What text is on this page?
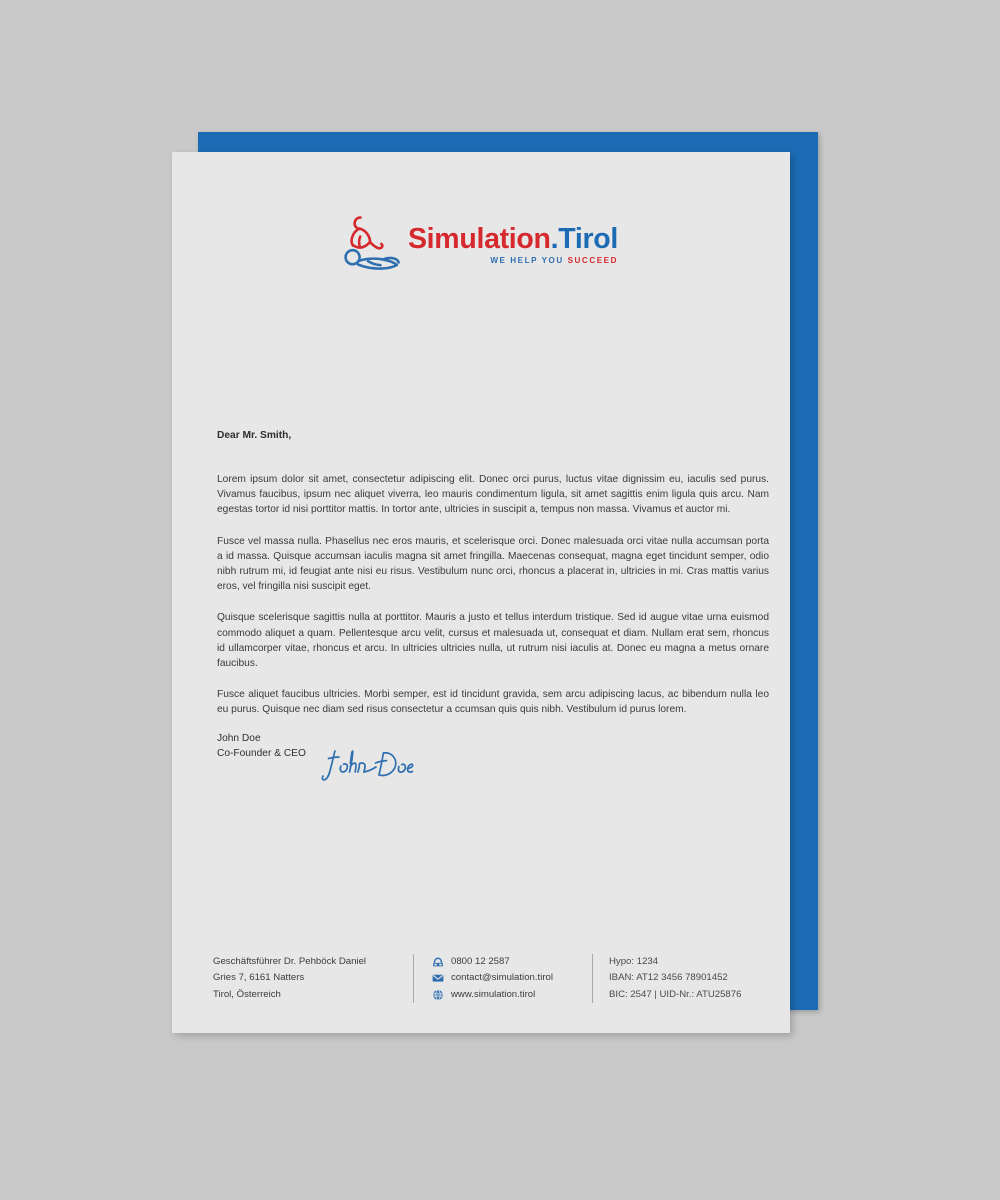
Simulation.Tirol
WE HELP YOU SUCCEED

Dear Mr. Smith,

Lorem ipsum dolor sit amet, consectetur adipiscing elit. Donec orci purus, luctus vitae dignissim eu, iaculis sed purus. Vivamus faucibus, ipsum nec aliquet viverra, leo mauris condimentum ligula, sit amet sagittis enim ligula quis arcu. Nam egestas tortor id nisi porttitor mattis. In tortor ante, ultricies in suscipit a, tempus non massa. Vivamus et auctor mi.

Fusce vel massa nulla. Phasellus nec eros mauris, et scelerisque orci. Donec malesuada orci vitae nulla accumsan porta a id massa. Quisque accumsan iaculis magna sit amet fringilla. Maecenas consequat, magna eget tincidunt semper, odio nibh rutrum mi, id feugiat ante nisi eu risus. Vestibulum nunc orci, rhoncus a placerat in, ultricies in mi. Cras mattis varius eros, vel fringilla nisi suscipit eget.

Quisque scelerisque sagittis nulla at porttitor. Mauris a justo et tellus interdum tristique. Sed id augue vitae urna euismod commodo aliquet a quam. Pellentesque arcu velit, cursus et malesuada ut, consequat et diam. Nullam erat sem, rhoncus id ullamcorper vitae, rhoncus et arcu. In ultricies ultricies nulla, ut rutrum nisi iaculis at. Donec eu magna a metus ornare faucibus.

Fusce aliquet faucibus ultricies. Morbi semper, est id tincidunt gravida, sem arcu adipiscing lacus, ac bibendum nulla leo eu purus. Quisque nec diam sed risus consectetur a ccumsan quis quis nibh. Vestibulum id purus lorem.

John Doe
Co-Founder & CEO
Geschäftsführer Dr. Pehböck Daniel
Gries 7, 6161 Natters
Tirol, Österreich
0800 12 2587
contact@simulation.tirol
www.simulation.tirol
Hypo: 1234
IBAN: AT12 3456 78901452
BIC: 2547 | UID-Nr.: ATU25876
